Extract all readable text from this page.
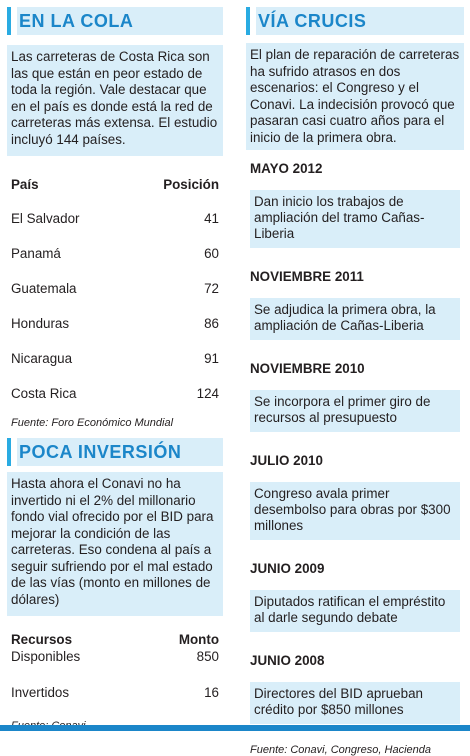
EN LA COLA
Las carreteras de Costa Rica son las que están en peor estado de toda la región. Vale destacar que en el país es donde está la red de carreteras más extensa. El estudio incluyó 144 países.
País	Posición
El Salvador	41
Panamá	60
Guatemala	72
Honduras	86
Nicaragua	91
Costa Rica	124
Fuente: Foro Económico Mundial
POCA INVERSIÓN
Hasta ahora el Conavi no ha invertido ni el 2% del millonario fondo vial ofrecido por el BID para mejorar la condición de las carreteras. Eso condena al país a seguir sufriendo por el mal estado de las vías (monto en millones de dólares)
Recursos	Monto
Disponibles	850
Invertidos	16
VÍA CRUCIS
El plan de reparación de carreteras ha sufrido atrasos en dos escenarios: el Congreso y el Conavi. La indecisión provocó que pasaran casi cuatro años para el inicio de la primera obra.
MAYO 2012
Dan inicio los trabajos de ampliación del tramo Cañas-Liberia
NOVIEMBRE 2011
Se adjudica la primera obra, la ampliación de Cañas-Liberia
NOVIEMBRE 2010
Se incorpora el primer giro de recursos al presupuesto
JULIO 2010
Congreso avala primer desembolso para obras por $300 millones
JUNIO 2009
Diputados ratifican el empréstito al darle segundo debate
JUNIO 2008
Directores del BID aprueban crédito por $850 millones
Fuente: Conavi, Congreso, Hacienda
